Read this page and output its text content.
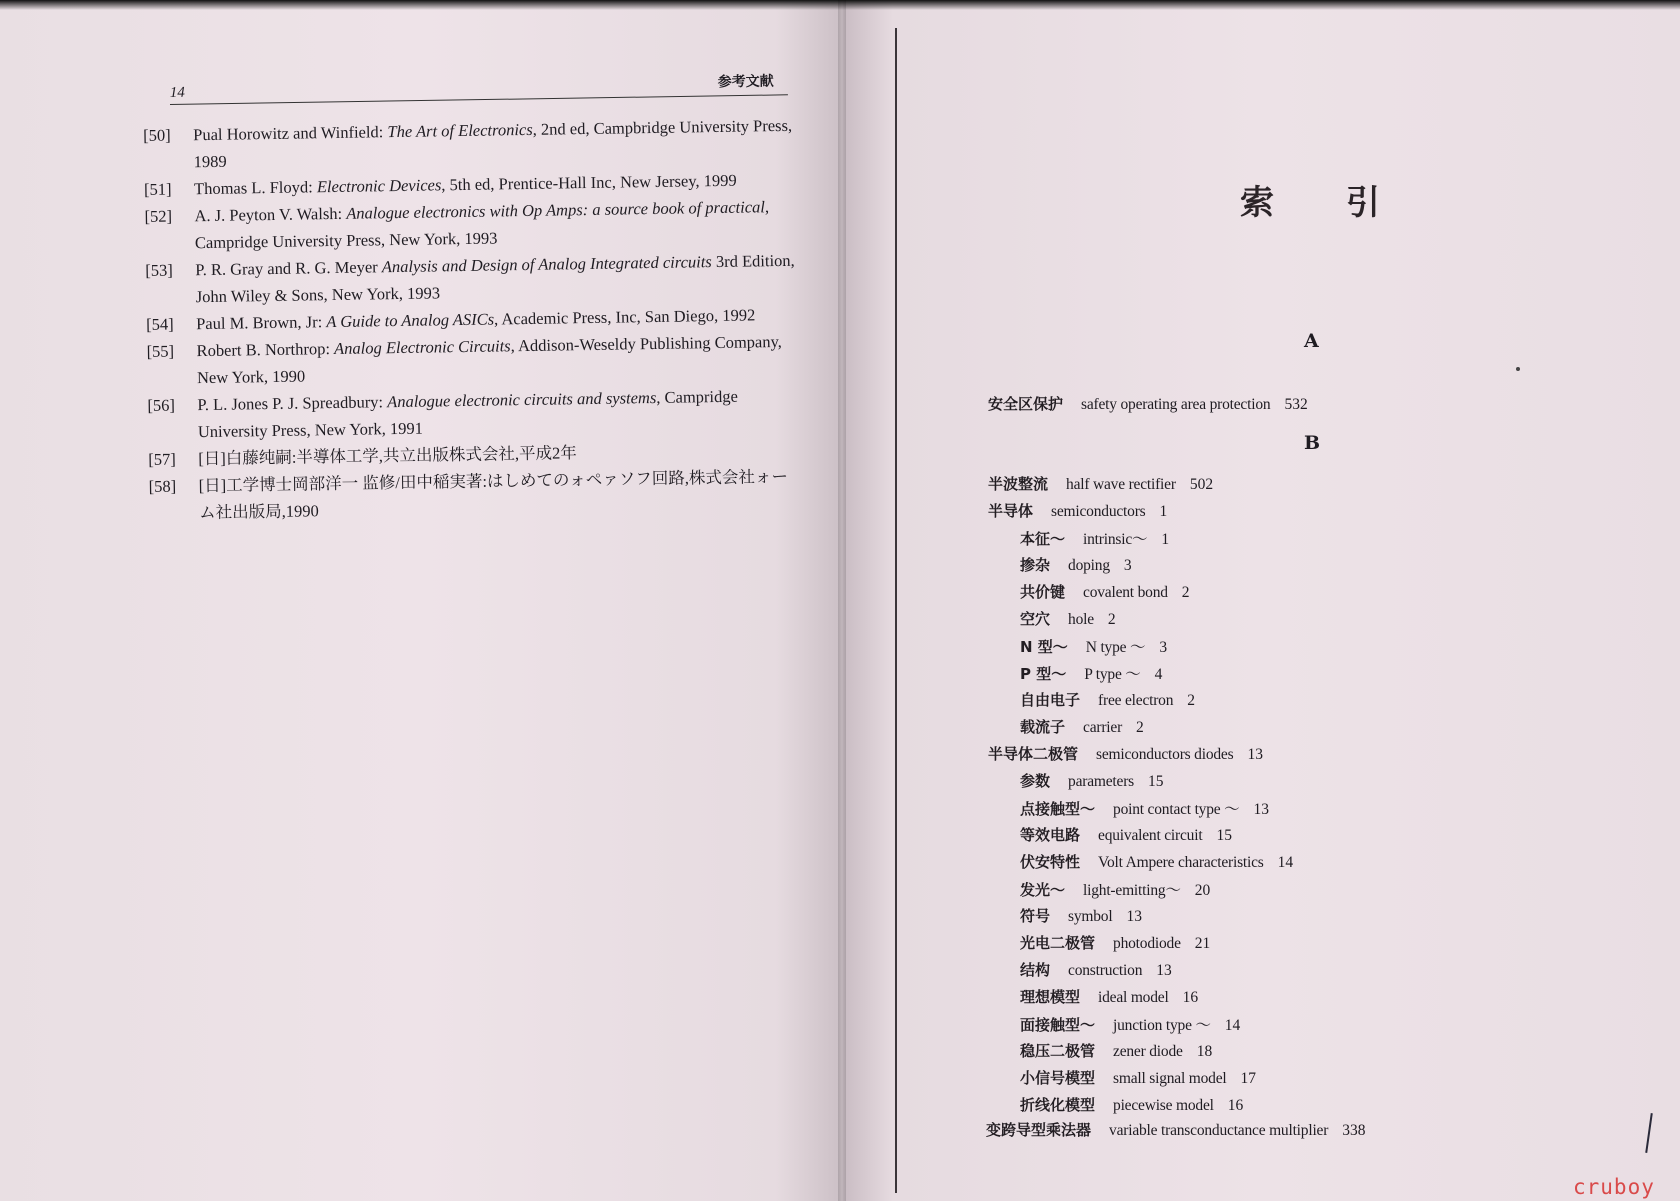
14
参考文献
[50] Pual Horowitz and Winfield: The Art of Electronics, 2nd ed, Campbridge University Press, 1989
[51] Thomas L. Floyd: Electronic Devices, 5th ed, Prentice-Hall Inc, New Jersey, 1999
[52] A. J. Peyton V. Walsh: Analogue electronics with Op Amps: a source book of practical, Campridge University Press, New York, 1993
[53] P. R. Gray and R. G. Meyer Analysis and Design of Analog Integrated circuits 3rd Edition, John Wiley & Sons, New York, 1993
[54] Paul M. Brown, Jr: A Guide to Analog ASICs, Academic Press, Inc, San Diego, 1992
[55] Robert B. Northrop: Analog Electronic Circuits, Addison-Weseldy Publishing Company, New York, 1990
[56] P. L. Jones P. J. Spreadbury: Analogue electronic circuits and systems, Campridge University Press, New York, 1991
[57] [日]白藤纯嗣:半導体工学,共立出版株式会社,平成2年
[58] [日]工学博士岡部洋一 监修/田中稲実著:はしめてのォペァソフ回路,株式会社ォーム社出版局,1990
索 引
A
安全区保护 safety operating area protection 532
B
半波整流 half wave rectifier 502
半导体 semiconductors 1
本征～ intrinsic～ 1
掺杂 doping 3
共价键 covalent bond 2
空穴 hole 2
N 型～ N type ～ 3
P 型～ P type ～ 4
自由电子 free electron 2
载流子 carrier 2
半导体二极管 semiconductors diodes 13
参数 parameters 15
点接触型～ point contact type ～ 13
等效电路 equivalent circuit 15
伏安特性 Volt Ampere characteristics 14
发光～ light-emitting～ 20
符号 symbol 13
光电二极管 photodiode 21
结构 construction 13
理想模型 ideal model 16
面接触型～ junction type ～ 14
稳压二极管 zener diode 18
小信号模型 small signal model 17
折线化模型 piecewise model 16
变跨导型乘法器 variable transconductance multiplier 338
cruboy
